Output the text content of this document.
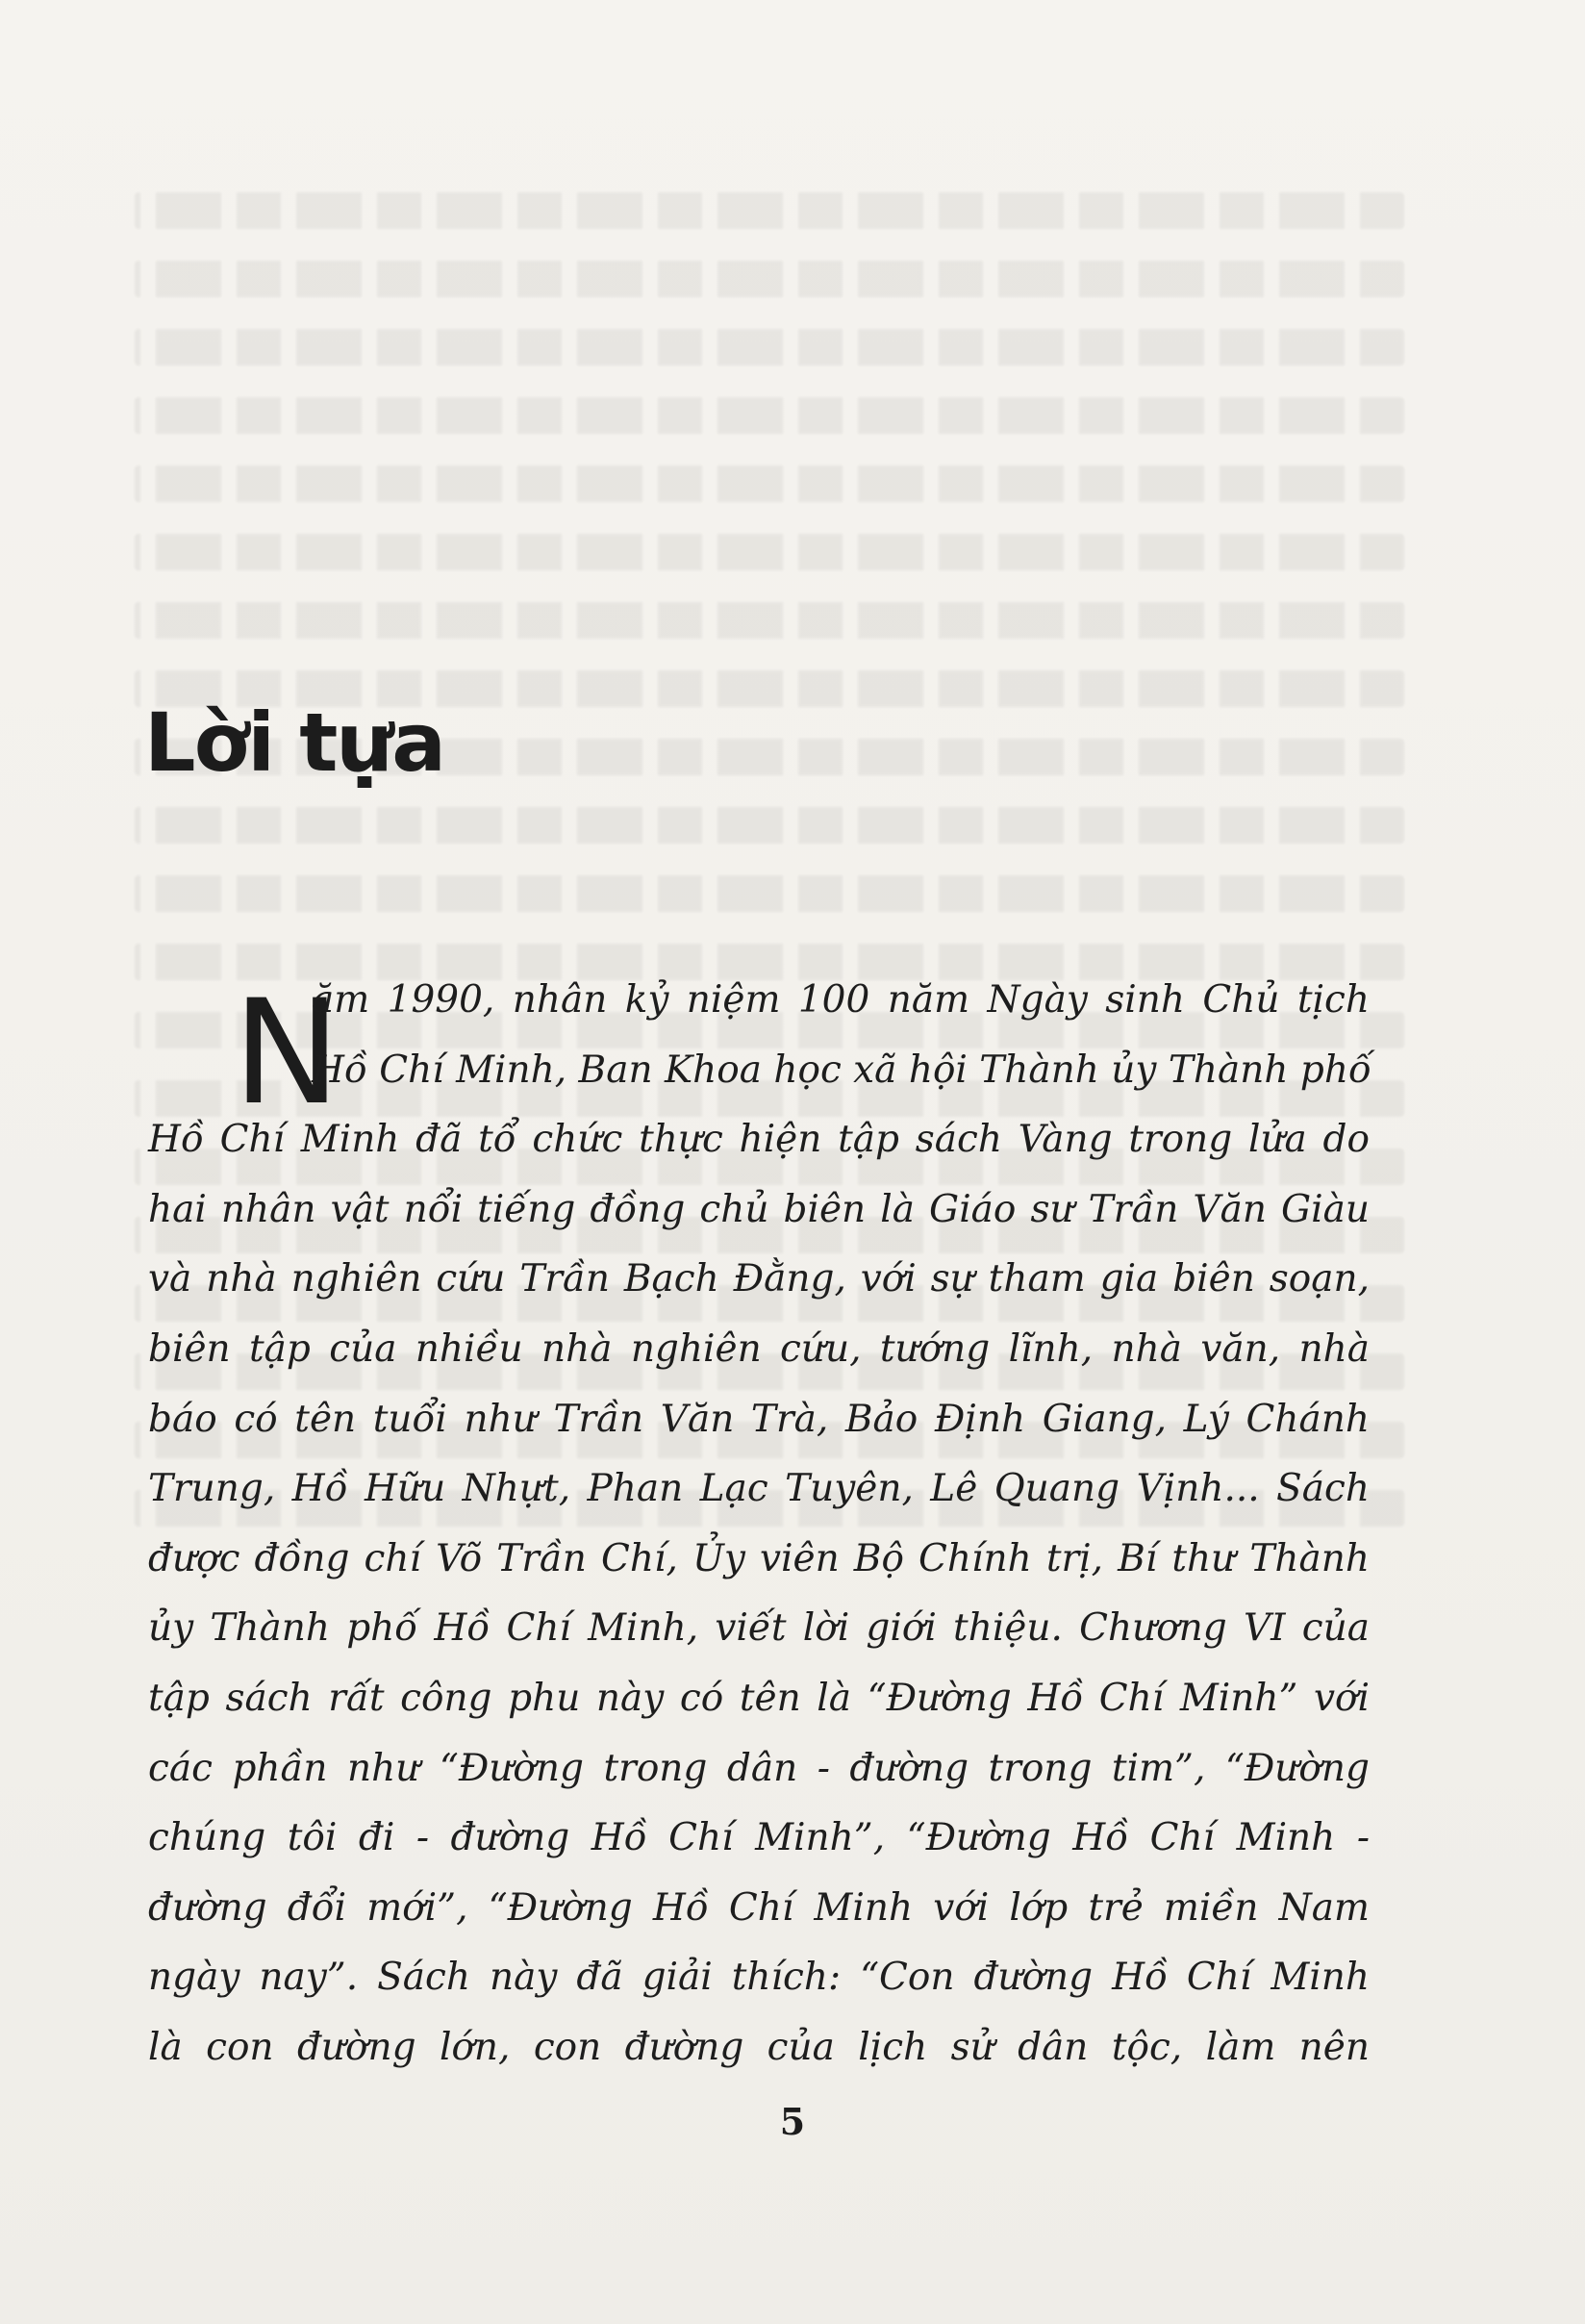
Lời tựa
N
ăm 1990, nhân kỷ niệm 100 năm Ngày sinh Chủ tịch
Hồ Chí Minh, Ban Khoa học xã hội Thành ủy Thành phố
Hồ Chí Minh đã tổ chức thực hiện tập sách Vàng trong lửa do
hai nhân vật nổi tiếng đồng chủ biên là Giáo sư Trần Văn Giàu
và nhà nghiên cứu Trần Bạch Đằng, với sự tham gia biên soạn,
biên tập của nhiều nhà nghiên cứu, tướng lĩnh, nhà văn, nhà
báo có tên tuổi như Trần Văn Trà, Bảo Định Giang, Lý Chánh
Trung, Hồ Hữu Nhựt, Phan Lạc Tuyên, Lê Quang Vịnh... Sách
được đồng chí Võ Trần Chí, Ủy viên Bộ Chính trị, Bí thư Thành
ủy Thành phố Hồ Chí Minh, viết lời giới thiệu. Chương VI của
tập sách rất công phu này có tên là “Đường Hồ Chí Minh” với
các phần như “Đường trong dân - đường trong tim”, “Đường
chúng tôi đi - đường Hồ Chí Minh”, “Đường Hồ Chí Minh -
đường đổi mới”, “Đường Hồ Chí Minh với lớp trẻ miền Nam
ngày nay”. Sách này đã giải thích: “Con đường Hồ Chí Minh
là con đường lớn, con đường của lịch sử dân tộc, làm nên
5
